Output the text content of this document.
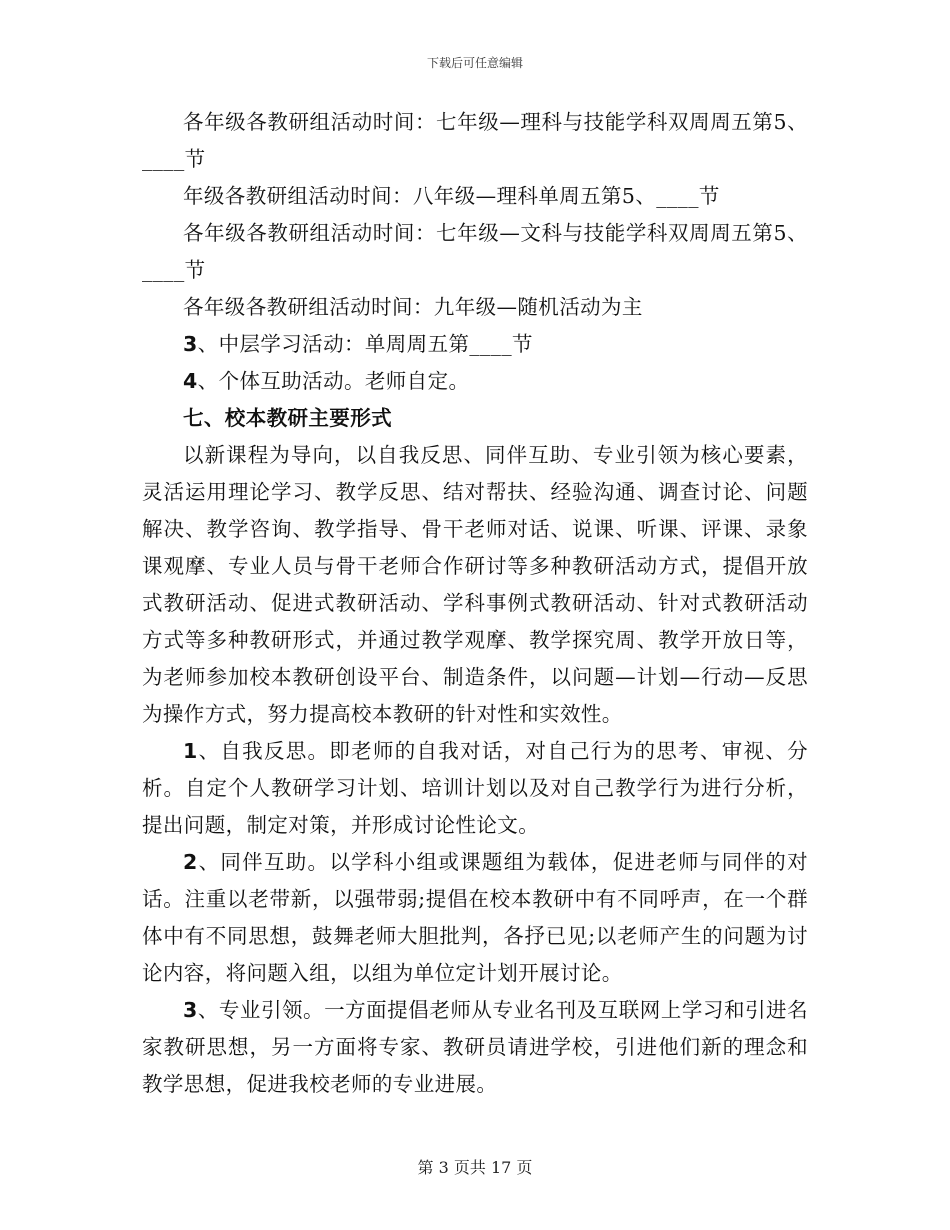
下载后可任意编辑

各年级各教研组活动时间：七年级—理科与技能学科双周周五第5、____节

年级各教研组活动时间：八年级—理科单周五第5、____节

各年级各教研组活动时间：七年级—文科与技能学科双周周五第5、____节

各年级各教研组活动时间：九年级—随机活动为主

3、中层学习活动：单周周五第____节

4、个体互助活动。老师自定。

七、校本教研主要形式

以新课程为导向，以自我反思、同伴互助、专业引领为核心要素，灵活运用理论学习、教学反思、结对帮扶、经验沟通、调查讨论、问题解决、教学咨询、教学指导、骨干老师对话、说课、听课、评课、录象课观摩、专业人员与骨干老师合作研讨等多种教研活动方式，提倡开放式教研活动、促进式教研活动、学科事例式教研活动、针对式教研活动方式等多种教研形式，并通过教学观摩、教学探究周、教学开放日等，为老师参加校本教研创设平台、制造条件，以问题—计划—行动—反思为操作方式，努力提高校本教研的针对性和实效性。

1、自我反思。即老师的自我对话，对自己行为的思考、审视、分析。自定个人教研学习计划、培训计划以及对自己教学行为进行分析，提出问题，制定对策，并形成讨论性论文。

2、同伴互助。以学科小组或课题组为载体，促进老师与同伴的对话。注重以老带新，以强带弱;提倡在校本教研中有不同呼声，在一个群体中有不同思想，鼓舞老师大胆批判，各抒已见;以老师产生的问题为讨论内容，将问题入组，以组为单位定计划开展讨论。

3、专业引领。一方面提倡老师从专业名刊及互联网上学习和引进名家教研思想，另一方面将专家、教研员请进学校，引进他们新的理念和教学思想，促进我校老师的专业进展。

第 3 页共 17 页
